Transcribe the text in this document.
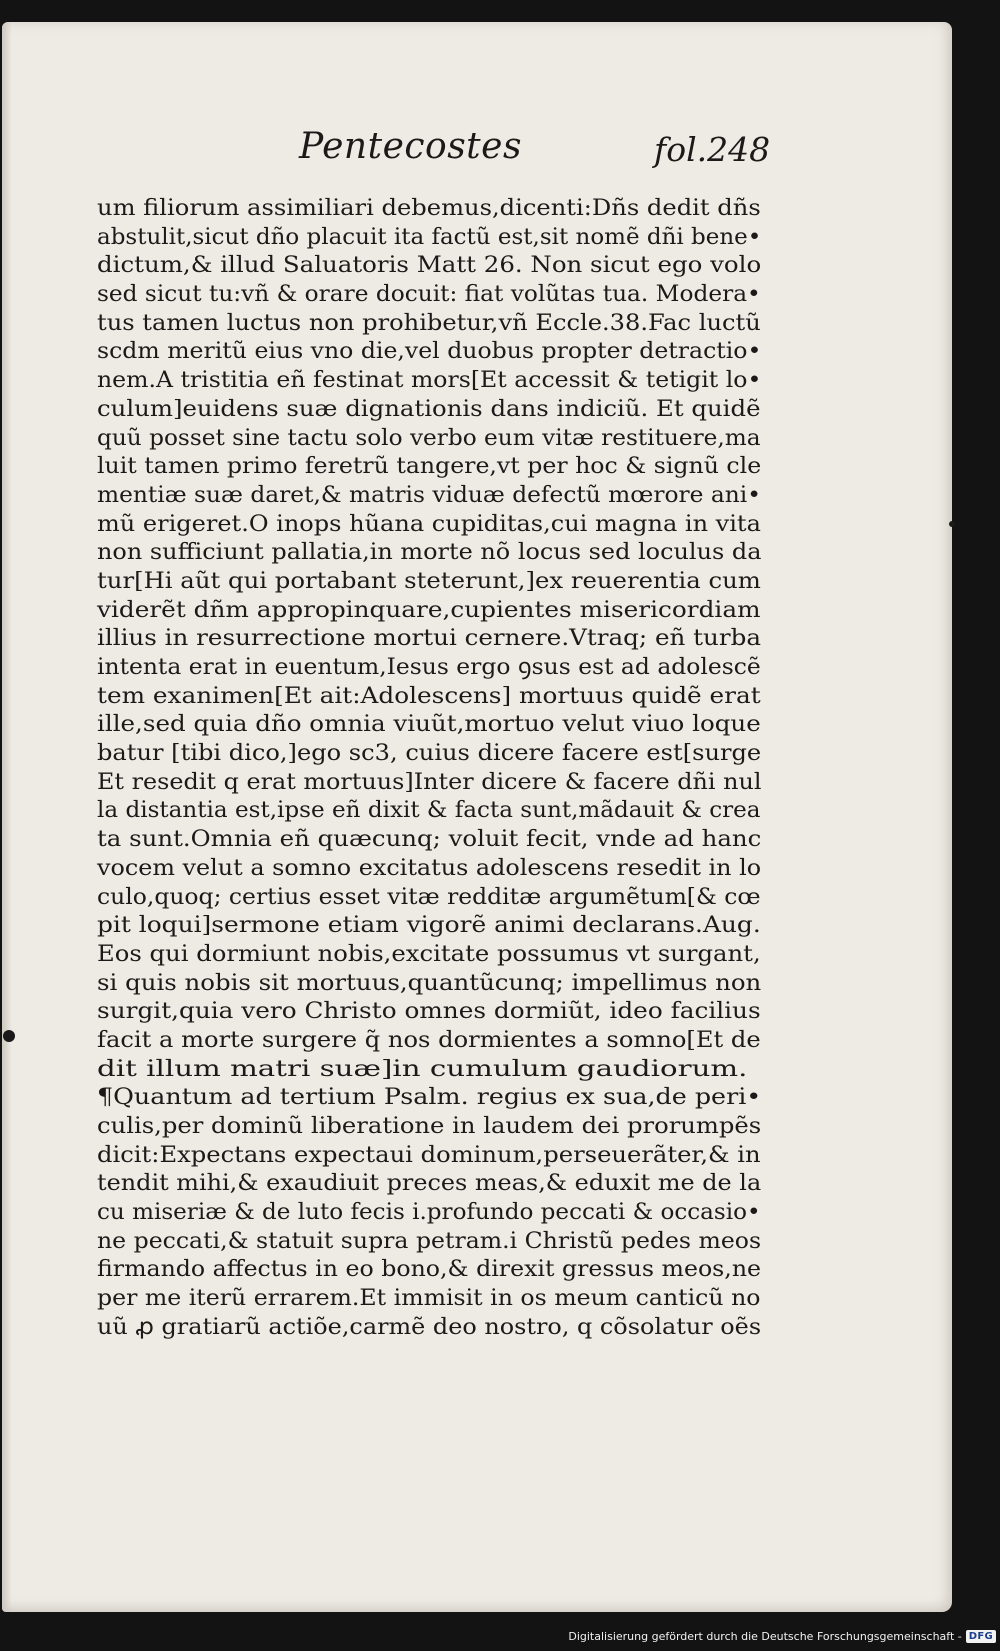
Pentecostes	fol.248
um filiorum assimiliari debemus,dicenti:Dñs dedit dñs
abstulit,sicut dño placuit ita factũ est,sit nomẽ dñi bene•
dictum,& illud Saluatoris Matt 26. Non sicut ego volo
sed sicut tu:vñ & orare docuit: fiat volũtas tua. Modera•
tus tamen luctus non prohibetur,vñ Eccle.38.Fac luctũ
scdm meritũ eius vno die,vel duobus propter detractio•
nem.A tristitia eñ festinat mors[Et accessit & tetigit lo•
culum]euidens suæ dignationis dans indiciũ. Et quidẽ
quũ posset sine tactu solo verbo eum vitæ restituere,ma
luit tamen primo feretrũ tangere,vt per hoc & signũ cle
mentiæ suæ daret,& matris viduæ defectũ mœrore ani•
mũ erigeret.O inops hũana cupiditas,cui magna in vita
non sufficiunt pallatia,in morte nõ locus sed loculus da
tur[Hi aũt qui portabant steterunt,]ex reuerentia cum
viderẽt dñm appropinquare,cupientes misericordiam
illius in resurrectione mortui cernere.Vtraq; eñ turba
intenta erat in euentum,Iesus ergo ꝯsus est ad adolescẽ
tem exanimen[Et ait:Adolescens] mortuus quidẽ erat
ille,sed quia dño omnia viuũt,mortuo velut viuo loque
batur [tibi dico,]ego sc3, cuius dicere facere est[surge
Et resedit q erat mortuus]Inter dicere & facere dñi nul
la distantia est,ipse eñ dixit & facta sunt,mãdauit & crea
ta sunt.Omnia eñ quæcunq; voluit fecit, vnde ad hanc
vocem velut a somno excitatus adolescens resedit in lo
culo,quoq; certius esset vitæ redditæ argumẽtum[& cœ
pit loqui]sermone etiam vigorẽ animi declarans.Aug.
Eos qui dormiunt nobis,excitate possumus vt surgant,
si quis nobis sit mortuus,quantũcunq; impellimus non
surgit,quia vero Christo omnes dormiũt, ideo facilius
facit a morte surgere q̃ nos dormientes a somno[Et de
dit illum matri suæ]in cumulum gaudiorum.
¶Quantum ad tertium Psalm. regius ex sua,de peri•
culis,per dominũ liberatione in laudem dei prorumpẽs
dicit:Expectans expectaui dominum,perseuerãter,& in
tendit mihi,& exaudiuit preces meas,& eduxit me de la
cu miseriæ & de luto fecis i.profundo peccati & occasio•
ne peccati,& statuit supra petram.i Christũ pedes meos
firmando affectus in eo bono,& direxit gressus meos,ne
per me iterũ errarem.Et immisit in os meum canticũ no
uũ ꝓ gratiarũ actiõe,carmẽ deo nostro, q cõsolatur oẽs
Digitalisierung gefördert durch die Deutsche Forschungsgemeinschaft - DFG
